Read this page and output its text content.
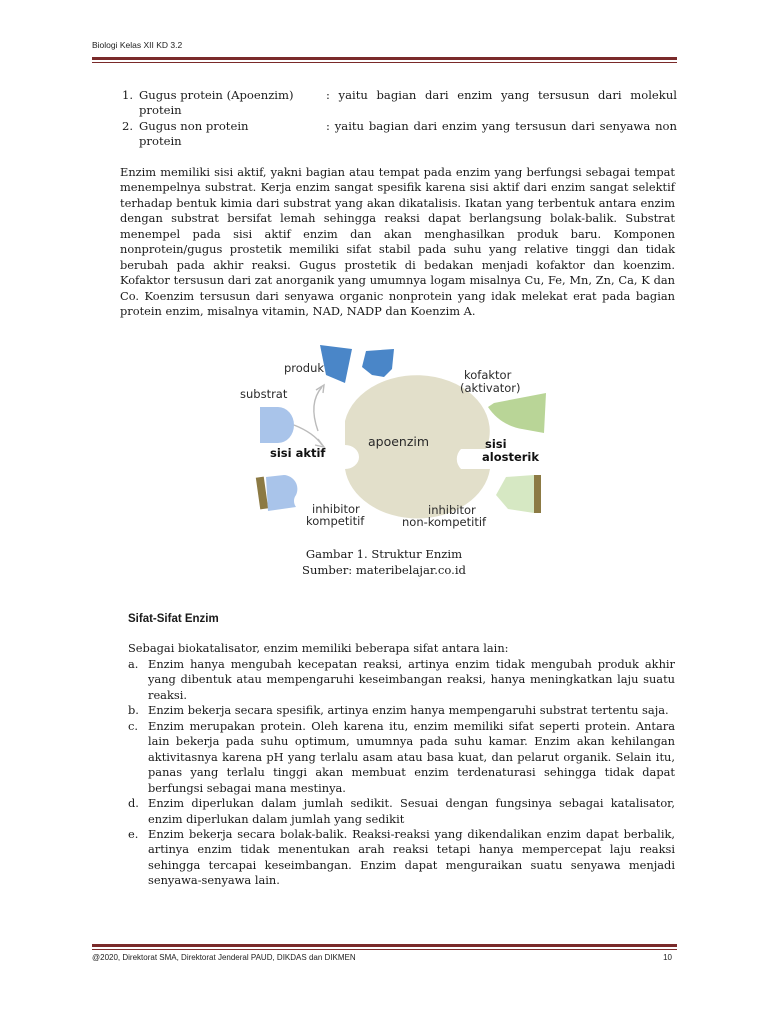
Biologi Kelas XII KD 3.2
1. Gugus protein (Apoenzim)	: yaitu bagian dari enzim yang tersusun dari molekul
protein
2. Gugus non protein	: yaitu bagian dari enzim yang tersusun dari senyawa non
protein

Enzim memiliki sisi aktif, yakni bagian atau tempat pada enzim yang berfungsi sebagai tempat menempelnya substrat. Kerja enzim sangat spesifik karena sisi aktif dari enzim sangat selektif terhadap bentuk kimia dari substrat yang akan dikatalisis. Ikatan yang terbentuk antara enzim dengan substrat bersifat lemah sehingga reaksi dapat berlangsung bolak-balik. Substrat menempel pada sisi aktif enzim dan akan menghasilkan produk baru. Komponen nonprotein/gugus prostetik memiliki sifat stabil pada suhu yang relative tinggi dan tidak berubah pada akhir reaksi. Gugus prostetik di bedakan menjadi kofaktor dan koenzim. Kofaktor tersusun dari zat anorganik yang umumnya logam misalnya Cu, Fe, Mn, Zn, Ca, K dan Co. Koenzim tersusun dari senyawa organic nonprotein yang idak melekat erat pada bagian protein enzim, misalnya vitamin, NAD, NADP dan Koenzim A.

produk
substrat
sisi aktif
apoenzim
kofaktor
(aktivator)
sisi
alosterik
inhibitor
kompetitif
inhibitor
non-kompetitif
Gambar 1. Struktur Enzim
Sumber: materibelajar.co.id
Sifat-Sifat Enzim
Sebagai biokatalisator, enzim memiliki beberapa sifat antara lain:
a. Enzim hanya mengubah kecepatan reaksi, artinya enzim tidak mengubah produk akhir yang dibentuk atau mempengaruhi keseimbangan reaksi, hanya meningkatkan laju suatu reaksi.
b. Enzim bekerja secara spesifik, artinya enzim hanya mempengaruhi substrat tertentu saja.
c. Enzim merupakan protein. Oleh karena itu, enzim memiliki sifat seperti protein. Antara lain bekerja pada suhu optimum, umumnya pada suhu kamar. Enzim akan kehilangan aktivitasnya karena pH yang terlalu asam atau basa kuat, dan pelarut organik. Selain itu, panas yang terlalu tinggi akan membuat enzim terdenaturasi sehingga tidak dapat berfungsi sebagai mana mestinya.
d. Enzim diperlukan dalam jumlah sedikit. Sesuai dengan fungsinya sebagai katalisator, enzim diperlukan dalam jumlah yang sedikit
e. Enzim bekerja secara bolak-balik. Reaksi-reaksi yang dikendalikan enzim dapat berbalik, artinya enzim tidak menentukan arah reaksi tetapi hanya mempercepat laju reaksi sehingga tercapai keseimbangan. Enzim dapat menguraikan suatu senyawa menjadi senyawa-senyawa lain.
@2020, Direktorat SMA, Direktorat Jenderal PAUD, DIKDAS dan DIKMEN	10
